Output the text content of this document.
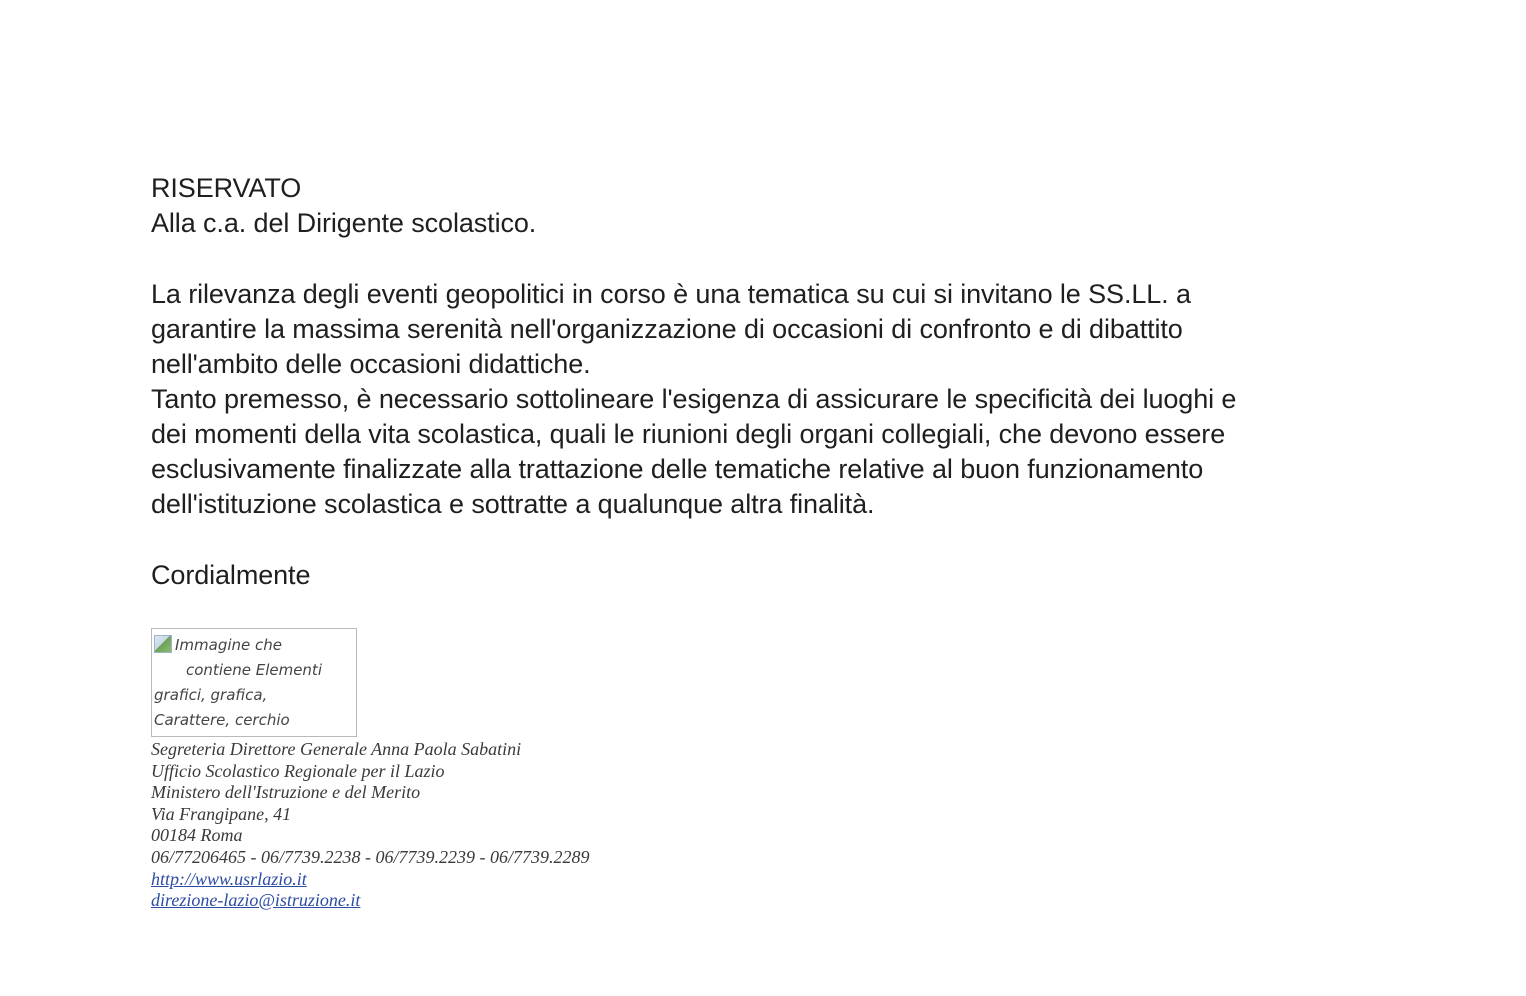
RISERVATO
Alla c.a. del Dirigente scolastico.
La rilevanza degli eventi geopolitici in corso è una tematica su cui si invitano le SS.LL. a
garantire la massima serenità nell'organizzazione di occasioni di confronto e di dibattito
nell'ambito delle occasioni didattiche.
Tanto premesso, è necessario sottolineare l'esigenza di assicurare le specificità dei luoghi e
dei momenti della vita scolastica, quali le riunioni degli organi collegiali, che devono essere
esclusivamente finalizzate alla trattazione delle tematiche relative al buon funzionamento
dell'istituzione scolastica e sottratte a qualunque altra finalità.
Cordialmente
Immagine che
contiene Elementi
grafici, grafica,
Carattere, cerchio
Segreteria Direttore Generale Anna Paola Sabatini
Ufficio Scolastico Regionale per il Lazio
Ministero dell'Istruzione e del Merito
Via Frangipane, 41
00184 Roma
06/77206465 - 06/7739.2238 - 06/7739.2239 - 06/7739.2289
http://www.usrlazio.it
direzione-lazio@istruzione.it
